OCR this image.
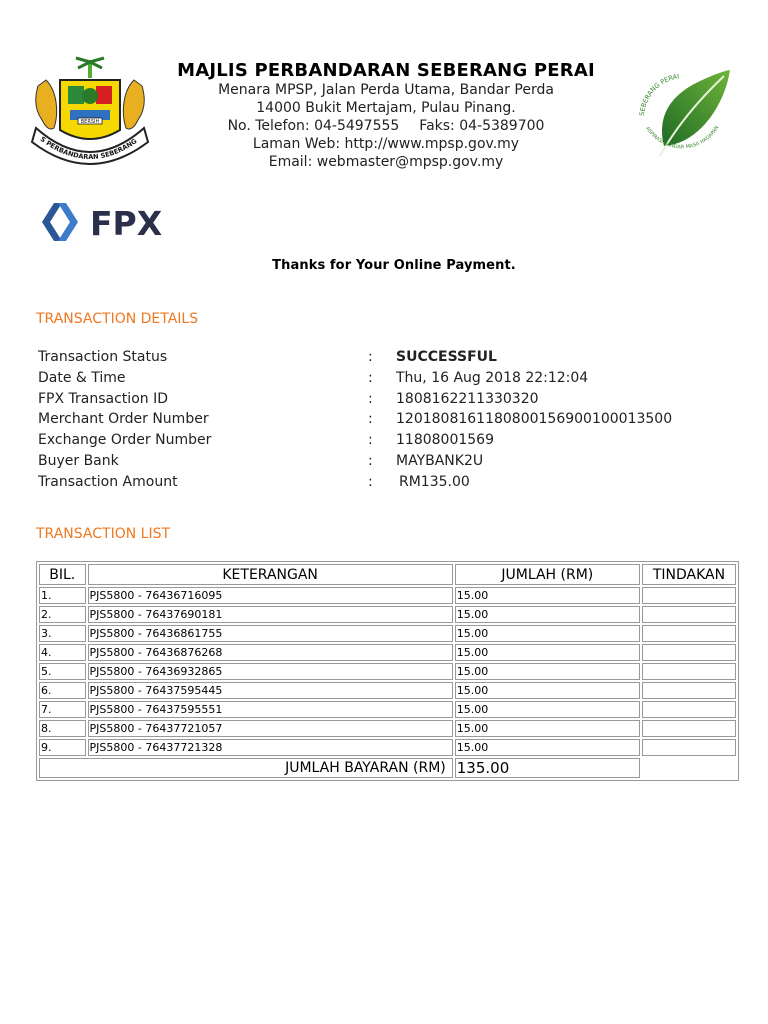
BERSIH
S PERBANDARAN SEBERANG
MAJLIS PERBANDARAN SEBERANG PERAI
Menara MPSP, Jalan Perda Utama, Bandar Perda
14000 Bukit Mertajam, Pulau Pinang.
No. Telefon: 04-5497555 Faks: 04-5389700
Laman Web: http://www.mpsp.gov.my
Email: webmaster@mpsp.gov.my
SEBERANG PERAI
ASPIRASI BANDAR MASA HADAPAN
FPX
Thanks for Your Online Payment.
TRANSACTION DETAILS
Transaction Status	:	SUCCESSFUL
Date & Time	:	Thu, 16 Aug 2018 22:12:04
FPX Transaction ID	:	1808162211330320
Merchant Order Number	:	1201808161180800156900100013500
Exchange Order Number	:	11808001569
Buyer Bank	:	MAYBANK2U
Transaction Amount	:	RM135.00
TRANSACTION LIST
BIL.	KETERANGAN	JUMLAH (RM)	TINDAKAN
1.	PJS5800 - 76436716095	15.00	
2.	PJS5800 - 76437690181	15.00	
3.	PJS5800 - 76436861755	15.00	
4.	PJS5800 - 76436876268	15.00	
5.	PJS5800 - 76436932865	15.00	
6.	PJS5800 - 76437595445	15.00	
7.	PJS5800 - 76437595551	15.00	
8.	PJS5800 - 76437721057	15.00	
9.	PJS5800 - 76437721328	15.00	
JUMLAH BAYARAN (RM)		135.00	
